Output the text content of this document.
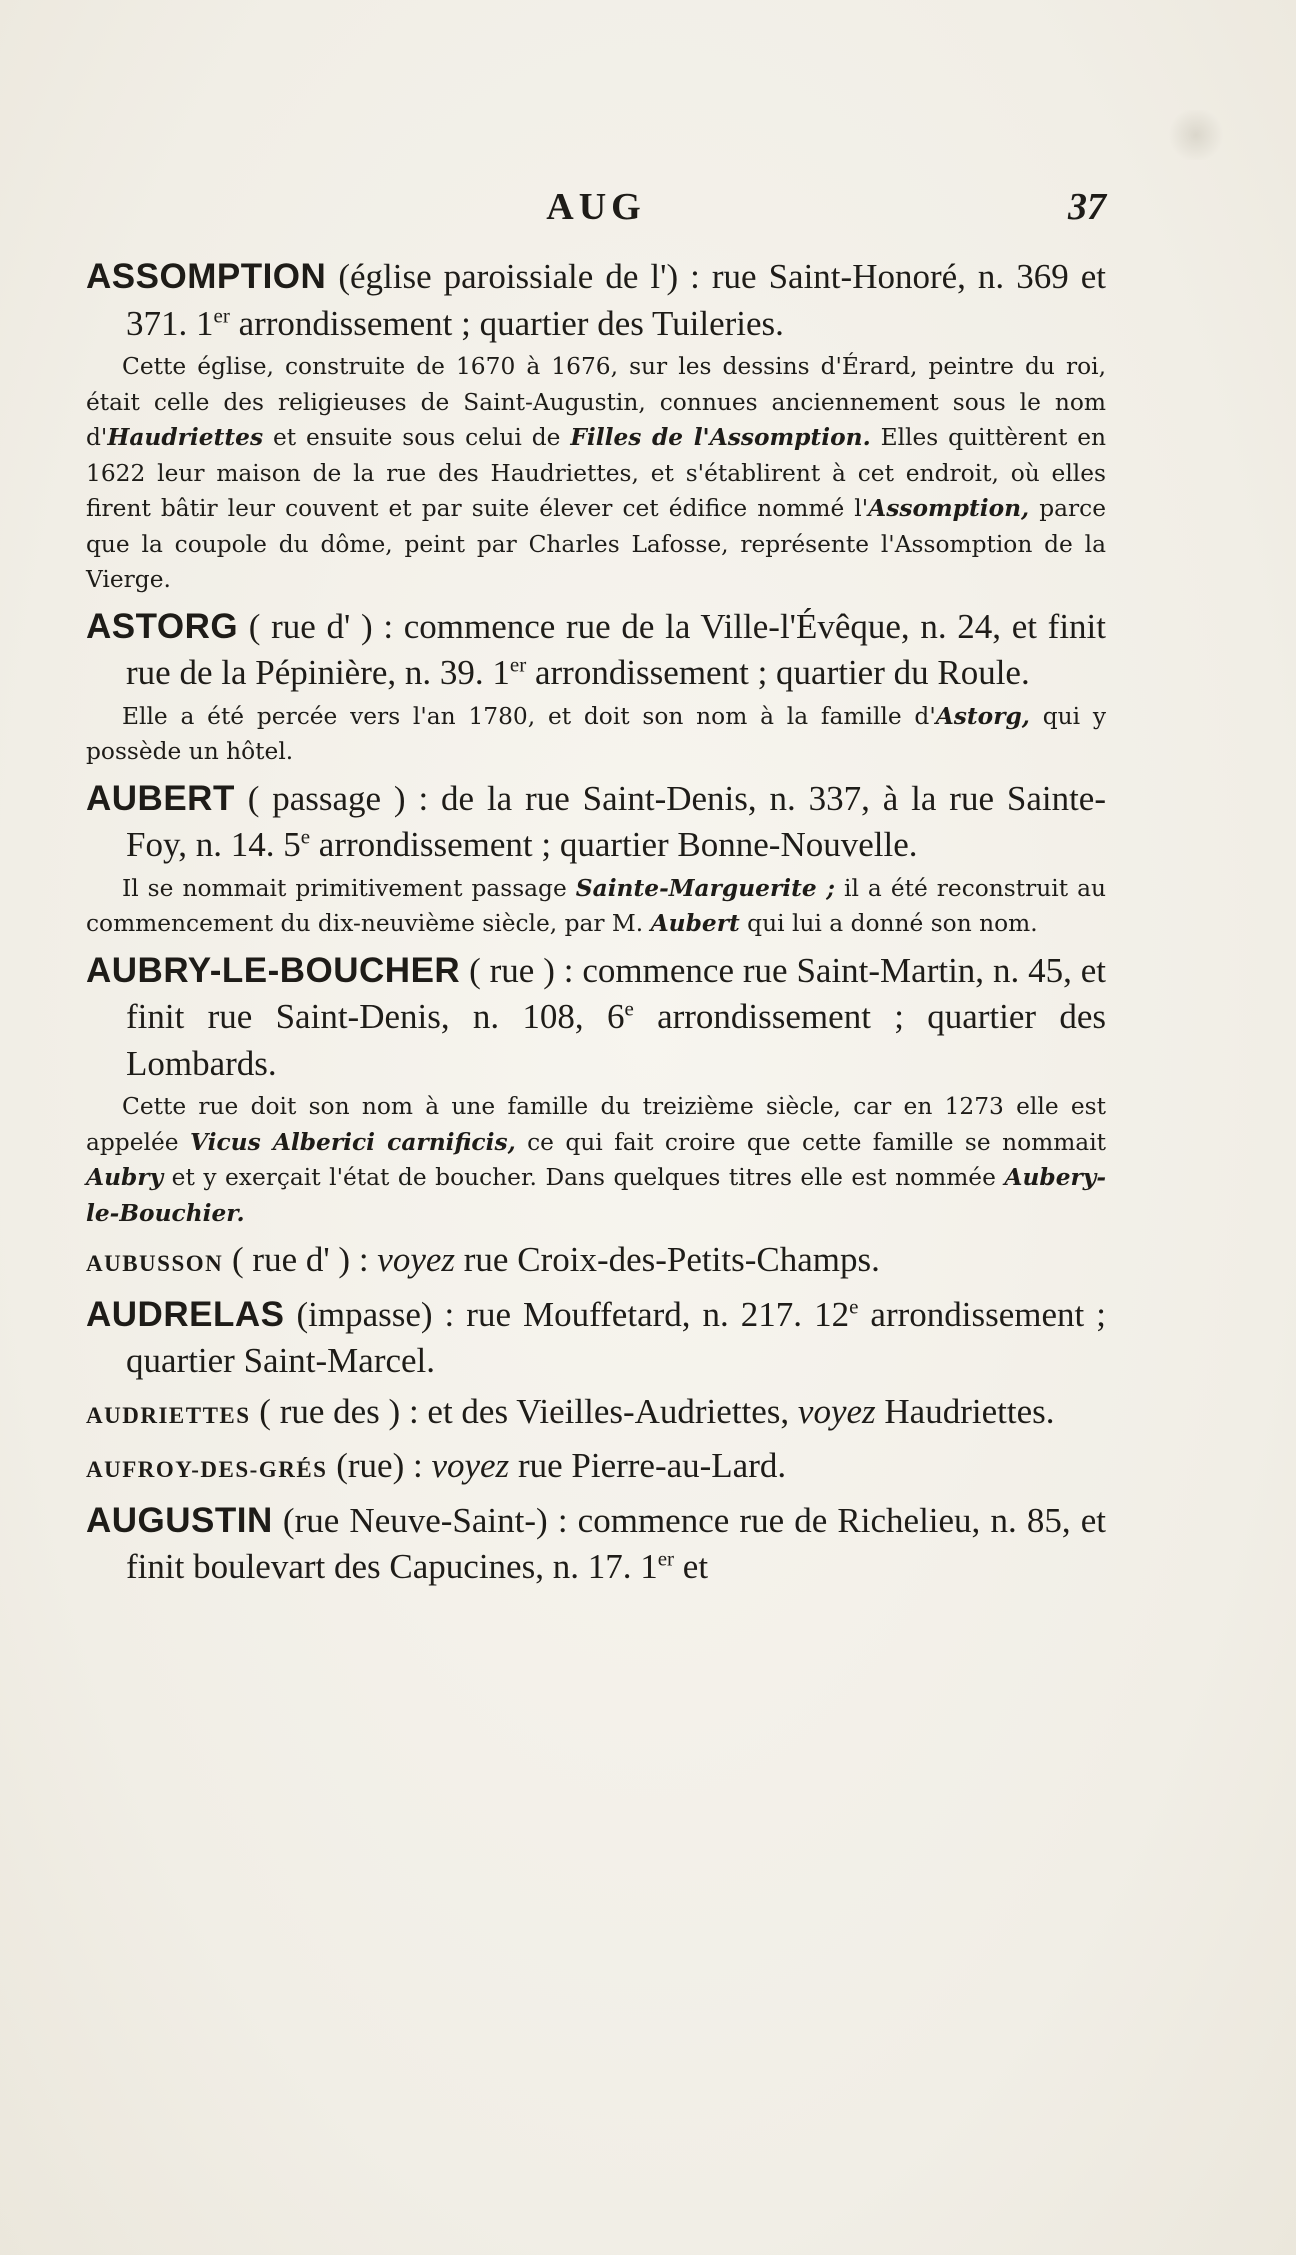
AUG	37
ASSOMPTION (église paroissiale de l') : rue Saint-Honoré, n. 369 et 371. 1er arrondissement ; quartier des Tuileries.
Cette église, construite de 1670 à 1676, sur les dessins d'Érard, peintre du roi, était celle des religieuses de Saint-Augustin, connues anciennement sous le nom d'Haudriettes et ensuite sous celui de Filles de l'Assomption. Elles quittèrent en 1622 leur maison de la rue des Haudriettes, et s'établirent à cet endroit, où elles firent bâtir leur couvent et par suite élever cet édifice nommé l'Assomption, parce que la coupole du dôme, peint par Charles Lafosse, représente l'Assomption de la Vierge.
ASTORG ( rue d' ) : commence rue de la Ville-l'Évêque, n. 24, et finit rue de la Pépinière, n. 39. 1er arrondissement ; quartier du Roule.
Elle a été percée vers l'an 1780, et doit son nom à la famille d'Astorg, qui y possède un hôtel.
AUBERT ( passage ) : de la rue Saint-Denis, n. 337, à la rue Sainte-Foy, n. 14. 5e arrondissement ; quartier Bonne-Nouvelle.
Il se nommait primitivement passage Sainte-Marguerite ; il a été reconstruit au commencement du dix-neuvième siècle, par M. Aubert qui lui a donné son nom.
AUBRY-LE-BOUCHER ( rue ) : commence rue Saint-Martin, n. 45, et finit rue Saint-Denis, n. 108, 6e arrondissement ; quartier des Lombards.
Cette rue doit son nom à une famille du treizième siècle, car en 1273 elle est appelée Vicus Alberici carnificis, ce qui fait croire que cette famille se nommait Aubry et y exerçait l'état de boucher. Dans quelques titres elle est nommée Aubery-le-Bouchier.
AUBUSSON ( rue d' ) : voyez rue Croix-des-Petits-Champs.
AUDRELAS (impasse) : rue Mouffetard, n. 217. 12e arrondissement ; quartier Saint-Marcel.
AUDRIETTES ( rue des ) : et des Vieilles-Audriettes, voyez Haudriettes.
AUFROY-DES-GRÉS (rue) : voyez rue Pierre-au-Lard.
AUGUSTIN (rue Neuve-Saint-) : commence rue de Richelieu, n. 85, et finit boulevart des Capucines, n. 17. 1er et
